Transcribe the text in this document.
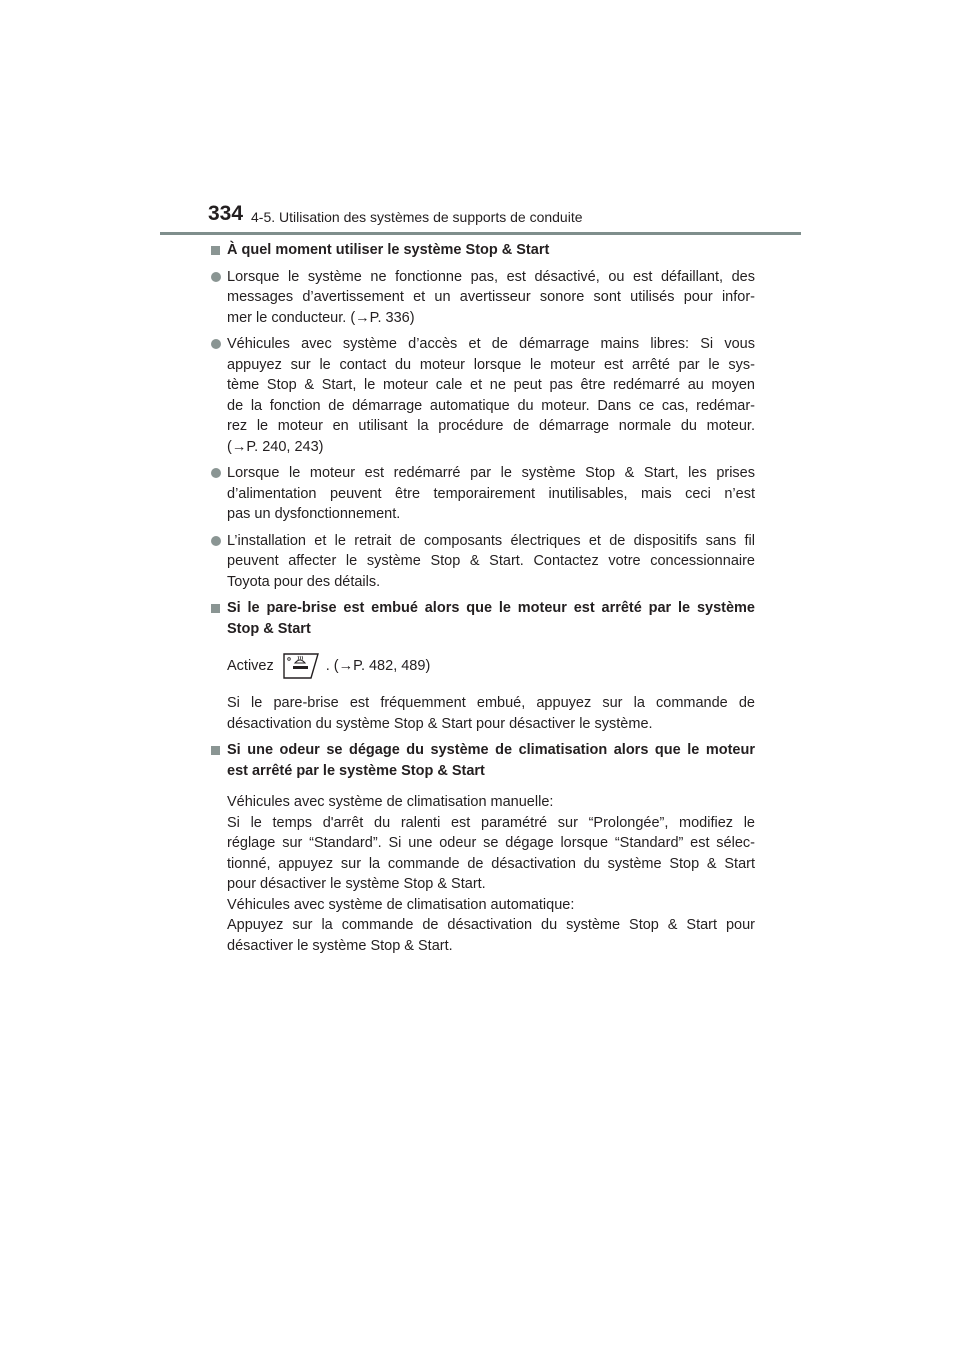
334 4-5. Utilisation des systèmes de supports de conduite
À quel moment utiliser le système Stop & Start
Lorsque le système ne fonctionne pas, est désactivé, ou est défaillant, des
messages d’avertissement et un avertisseur sonore sont utilisés pour infor-
mer le conducteur. (→P. 336)
Véhicules avec système d’accès et de démarrage mains libres: Si vous
appuyez sur le contact du moteur lorsque le moteur est arrêté par le sys-
tème Stop & Start, le moteur cale et ne peut pas être redémarré au moyen
de la fonction de démarrage automatique du moteur. Dans ce cas, redémar-
rez le moteur en utilisant la procédure de démarrage normale du moteur.
(→P. 240, 243)
Lorsque le moteur est redémarré par le système Stop & Start, les prises
d’alimentation peuvent être temporairement inutilisables, mais ceci n’est
pas un dysfonctionnement.
L’installation et le retrait de composants électriques et de dispositifs sans fil
peuvent affecter le système Stop & Start. Contactez votre concessionnaire
Toyota pour des détails.
Si le pare-brise est embué alors que le moteur est arrêté par le système
Stop & Start
Activez	. (→P. 482, 489)
Si le pare-brise est fréquemment embué, appuyez sur la commande de
désactivation du système Stop & Start pour désactiver le système.
Si une odeur se dégage du système de climatisation alors que le moteur
est arrêté par le système Stop & Start
Véhicules avec système de climatisation manuelle:
Si le temps d'arrêt du ralenti est paramétré sur “Prolongée”, modifiez le
réglage sur “Standard”. Si une odeur se dégage lorsque “Standard” est sélec-
tionné, appuyez sur la commande de désactivation du système Stop & Start
pour désactiver le système Stop & Start.
Véhicules avec système de climatisation automatique:
Appuyez sur la commande de désactivation du système Stop & Start pour
désactiver le système Stop & Start.
